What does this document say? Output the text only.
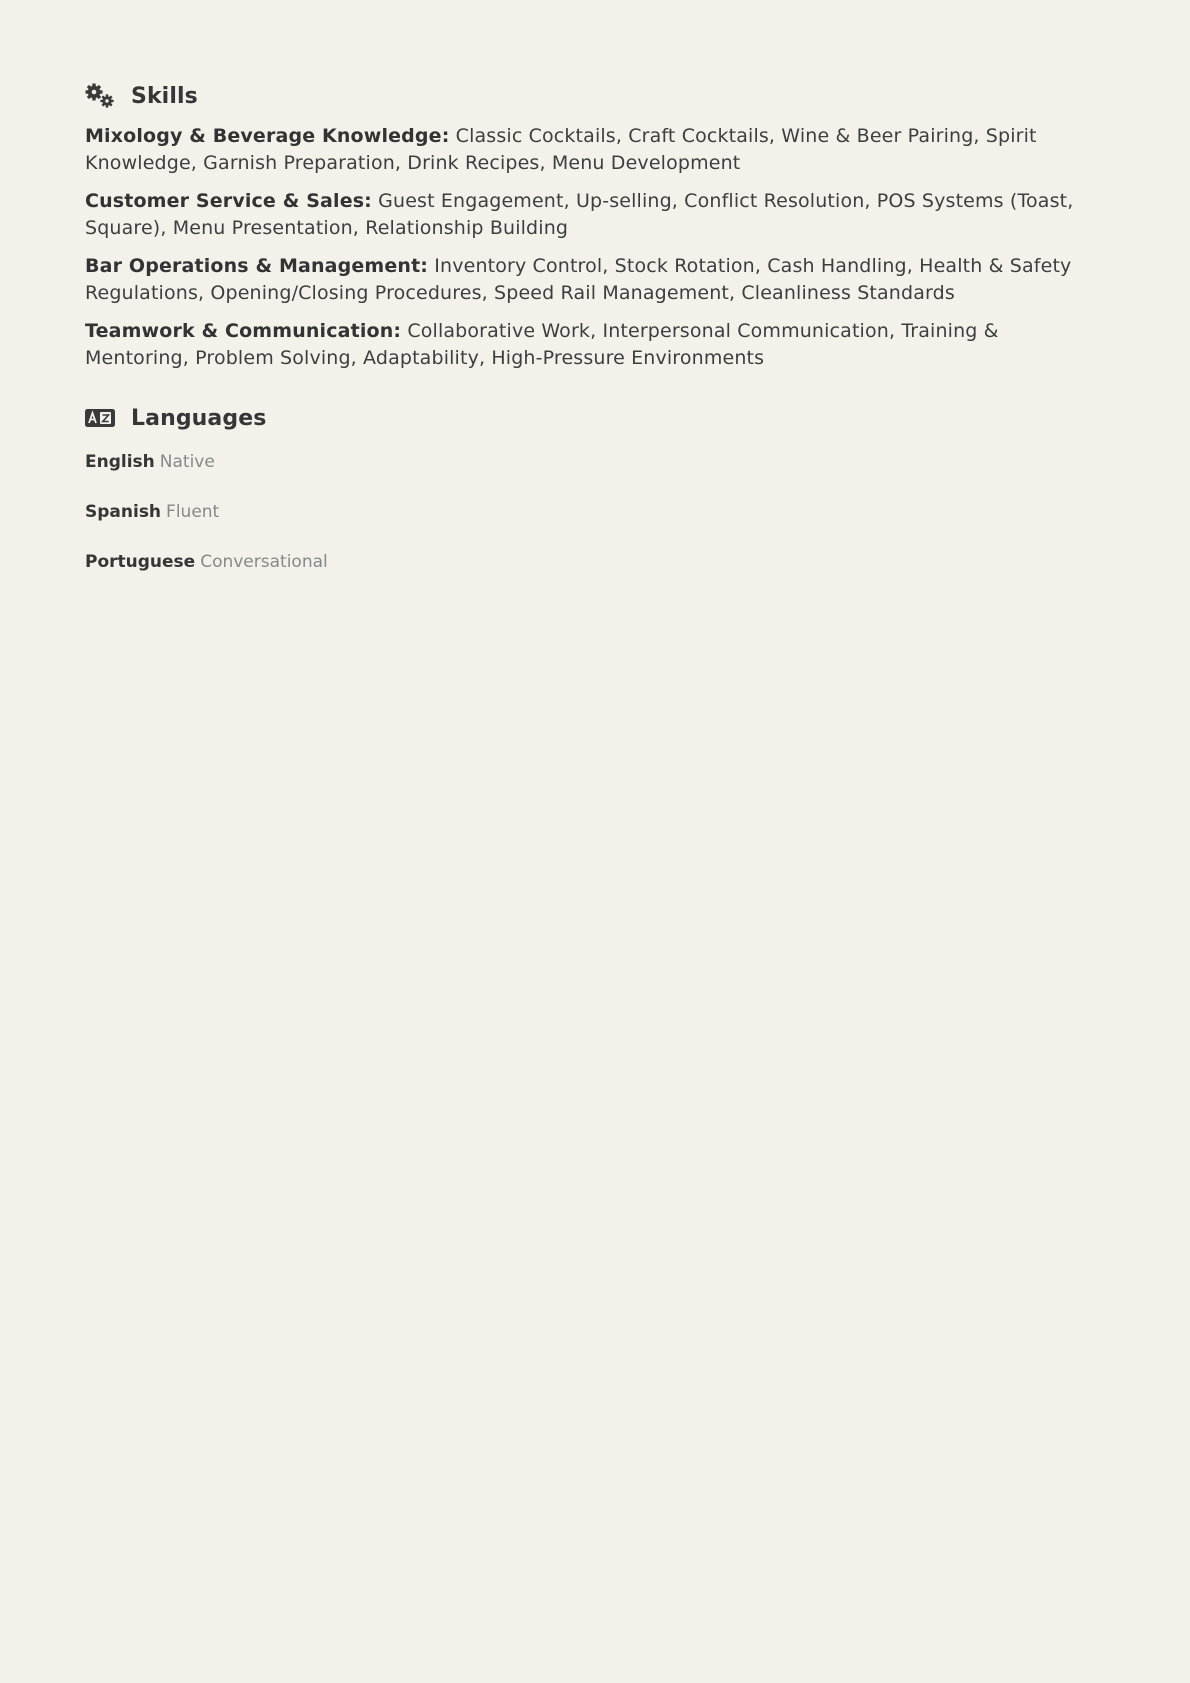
Skills

Mixology & Beverage Knowledge: Classic Cocktails, Craft Cocktails, Wine & Beer Pairing, Spirit Knowledge, Garnish Preparation, Drink Recipes, Menu Development

Customer Service & Sales: Guest Engagement, Up-selling, Conflict Resolution, POS Systems (Toast, Square), Menu Presentation, Relationship Building

Bar Operations & Management: Inventory Control, Stock Rotation, Cash Handling, Health & Safety Regulations, Opening/Closing Procedures, Speed Rail Management, Cleanliness Standards

Teamwork & Communication: Collaborative Work, Interpersonal Communication, Training & Mentoring, Problem Solving, Adaptability, High-Pressure Environments

Languages
English Native
Spanish Fluent
Portuguese Conversational
